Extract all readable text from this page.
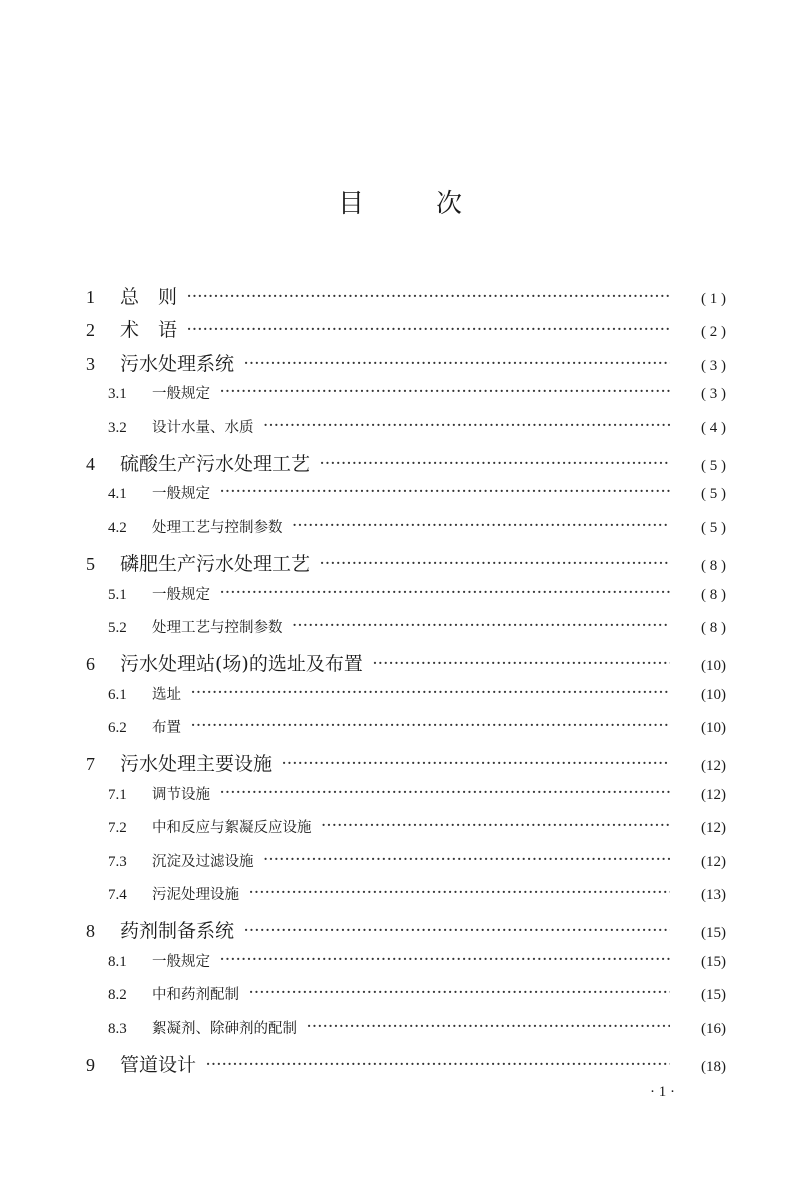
目	次
1	总　则 ·····	( 1 )
2	术　语 ·····	( 2 )
3	污水处理系统 ·····	( 3 )
3.1	一般规定 ·····	( 3 )
3.2	设计水量、水质 ·····	( 4 )
4	硫酸生产污水处理工艺 ·····	( 5 )
4.1	一般规定 ·····	( 5 )
4.2	处理工艺与控制参数 ·····	( 5 )
5	磷肥生产污水处理工艺 ·····	( 8 )
5.1	一般规定 ·····	( 8 )
5.2	处理工艺与控制参数 ·····	( 8 )
6	污水处理站(场)的选址及布置 ·····	(10)
6.1	选址 ·····	(10)
6.2	布置 ·····	(10)
7	污水处理主要设施 ·····	(12)
7.1	调节设施 ·····	(12)
7.2	中和反应与絮凝反应设施 ·····	(12)
7.3	沉淀及过滤设施 ·····	(12)
7.4	污泥处理设施 ·····	(13)
8	药剂制备系统 ·····	(15)
8.1	一般规定 ·····	(15)
8.2	中和药剂配制 ·····	(15)
8.3	絮凝剂、除砷剂的配制 ·····	(16)
9	管道设计 ·····	(18)
· 1 ·
